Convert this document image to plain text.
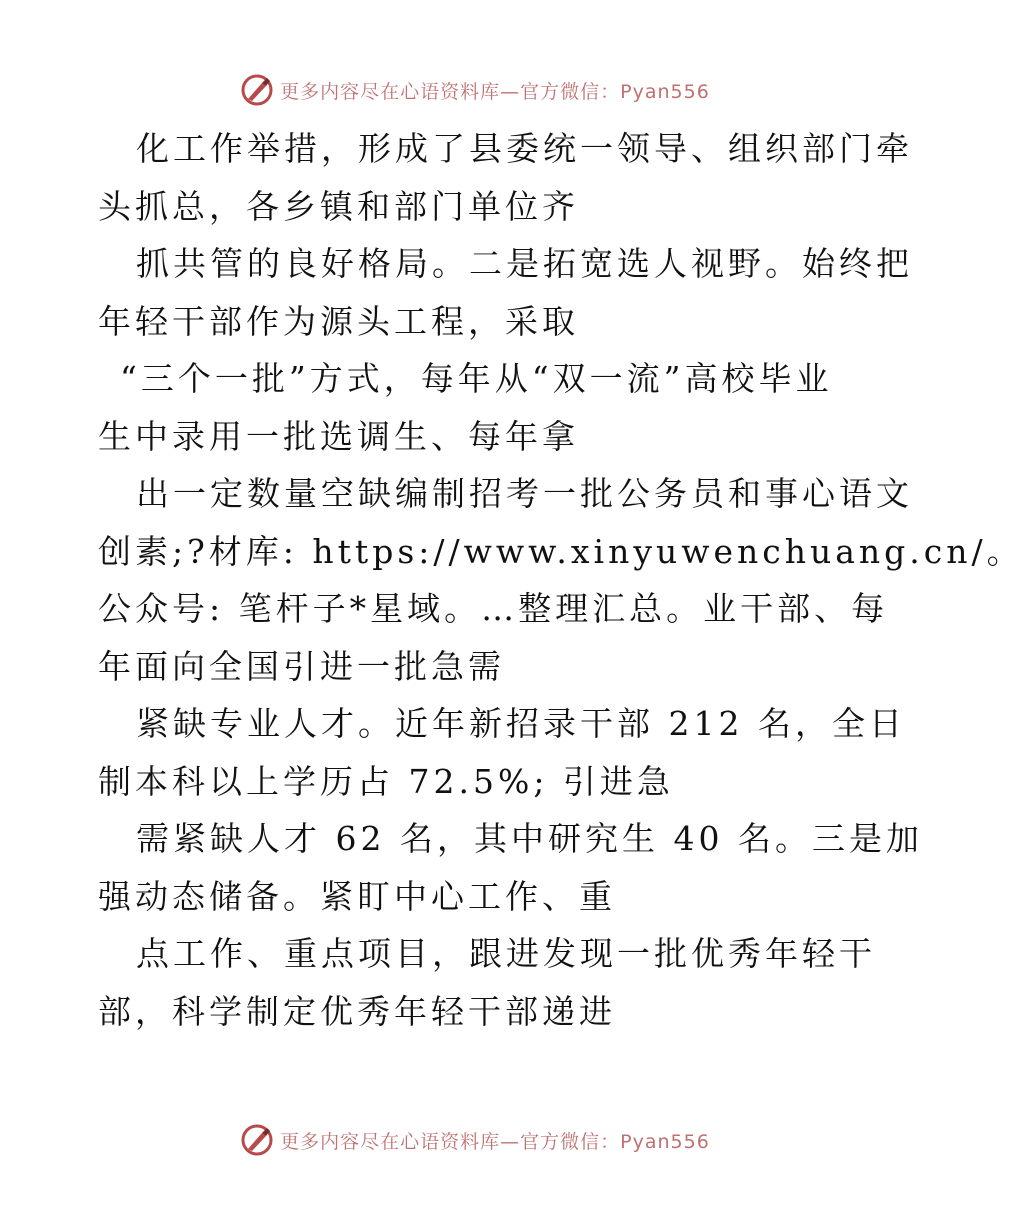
更多内容尽在心语资料库—官方微信：Pyan556
化工作举措，形成了县委统一领导、组织部门牵
头抓总，各乡镇和部门单位齐
抓共管的良好格局。二是拓宽选人视野。始终把
年轻干部作为源头工程，采取
“三个一批”方式，每年从“双一流”高校毕业
生中录用一批选调生、每年拿
出一定数量空缺编制招考一批公务员和事心语文
创素;?材库: https://www.xinyuwenchuang.cn/。
公众号: 笔杆子*星域。…整理汇总。业干部、每
年面向全国引进一批急需
紧缺专业人才。近年新招录干部 212 名，全日
制本科以上学历占 72.5%; 引进急
需紧缺人才 62 名，其中研究生 40 名。三是加
强动态储备。紧盯中心工作、重
点工作、重点项目，跟进发现一批优秀年轻干
部，科学制定优秀年轻干部递进
更多内容尽在心语资料库—官方微信：Pyan556
